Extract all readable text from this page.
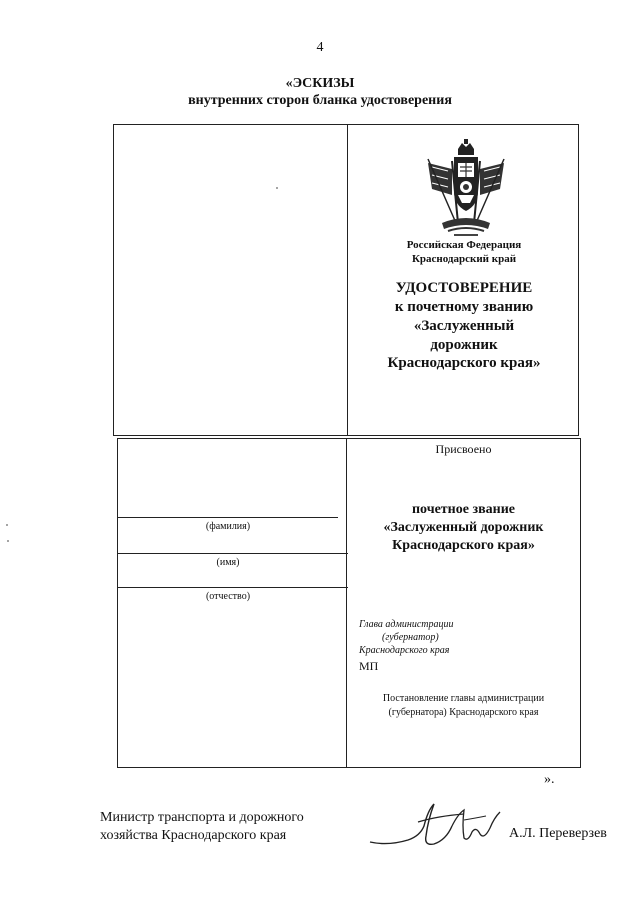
4
«ЭСКИЗЫ
внутренних сторон бланка удостоверения
Российская Федерация
Краснодарский край
УДОСТОВЕРЕНИЕ
к почетному званию
«Заслуженный
дорожник
Краснодарского края»
(фамилия)
(имя)
(отчество)
Присвоено
почетное звание
«Заслуженный дорожник
Краснодарского края»
Глава администрации
(губернатор)
Краснодарского края
МП
Постановление главы администрации
(губернатора) Краснодарского края
».
Министр транспорта и дорожного
хозяйства Краснодарского края	А.Л. Переверзев
